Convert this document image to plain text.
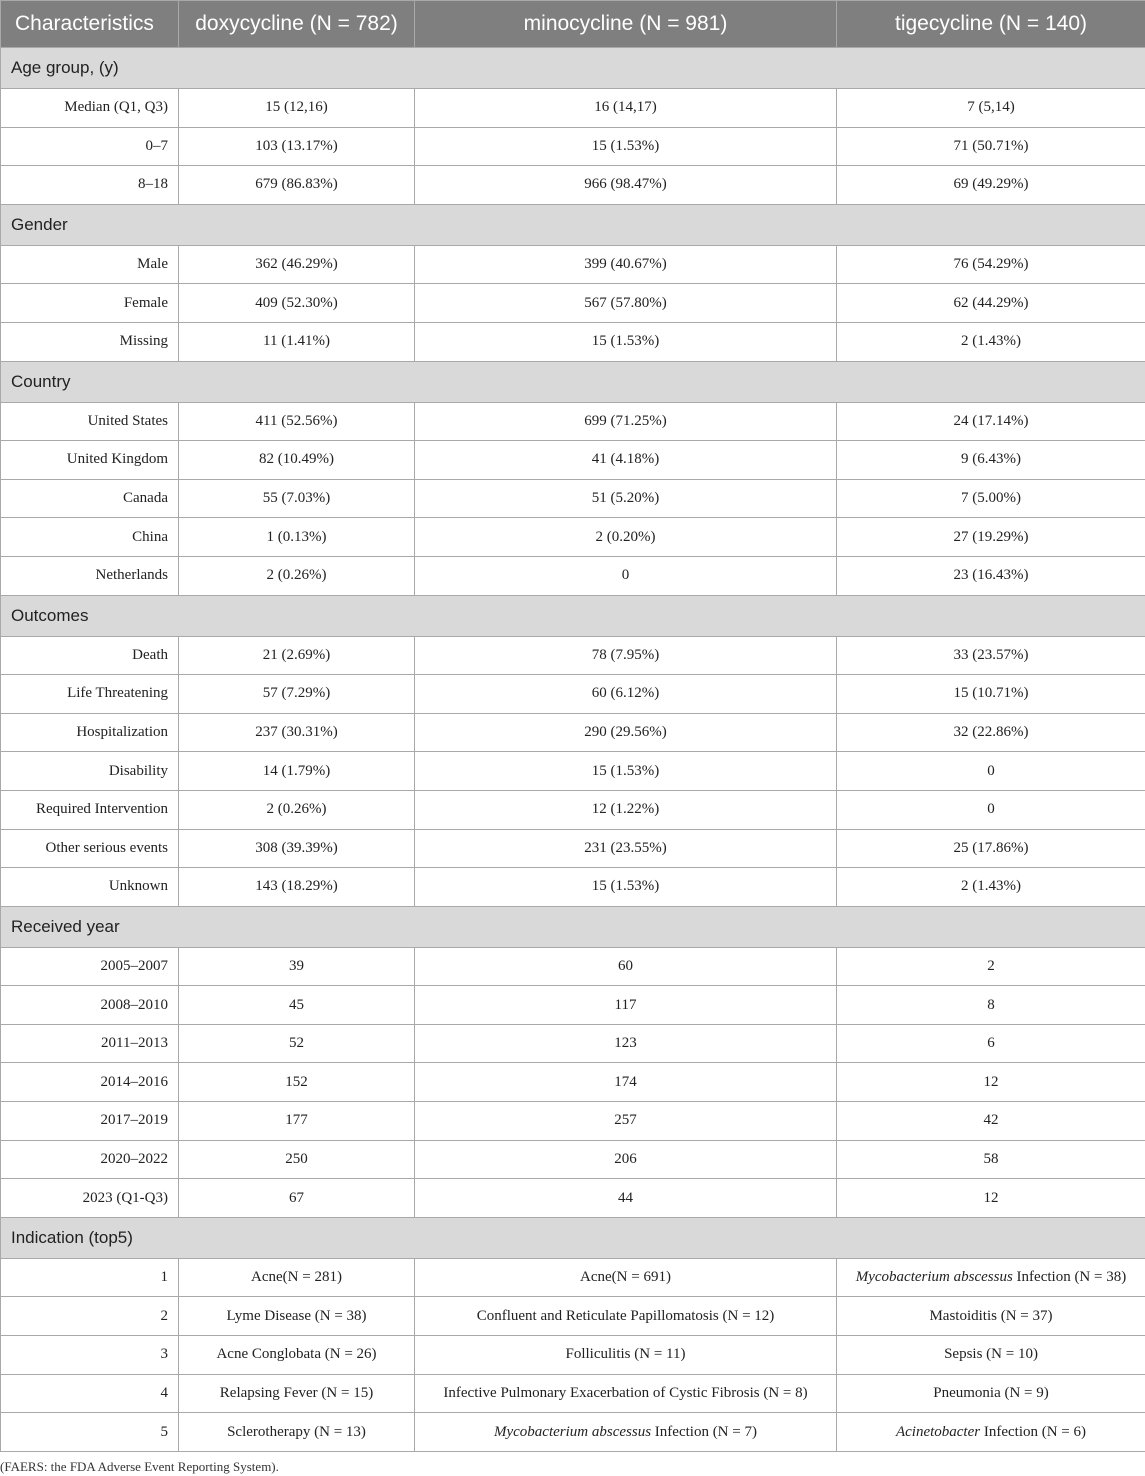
Characteristics	doxycycline (N = 782)	minocycline (N = 981)	tigecycline (N = 140)
Age group, (y)			
Median (Q1, Q3)	15 (12,16)	16 (14,17)	7 (5,14)
0–7	103 (13.17%)	15 (1.53%)	71 (50.71%)
8–18	679 (86.83%)	966 (98.47%)	69 (49.29%)
Gender			
Male	362 (46.29%)	399 (40.67%)	76 (54.29%)
Female	409 (52.30%)	567 (57.80%)	62 (44.29%)
Missing	11 (1.41%)	15 (1.53%)	2 (1.43%)
Country			
United States	411 (52.56%)	699 (71.25%)	24 (17.14%)
United Kingdom	82 (10.49%)	41 (4.18%)	9 (6.43%)
Canada	55 (7.03%)	51 (5.20%)	7 (5.00%)
China	1 (0.13%)	2 (0.20%)	27 (19.29%)
Netherlands	2 (0.26%)	0	23 (16.43%)
Outcomes			
Death	21 (2.69%)	78 (7.95%)	33 (23.57%)
Life Threatening	57 (7.29%)	60 (6.12%)	15 (10.71%)
Hospitalization	237 (30.31%)	290 (29.56%)	32 (22.86%)
Disability	14 (1.79%)	15 (1.53%)	0
Required Intervention	2 (0.26%)	12 (1.22%)	0
Other serious events	308 (39.39%)	231 (23.55%)	25 (17.86%)
Unknown	143 (18.29%)	15 (1.53%)	2 (1.43%)
Received year			
2005–2007	39	60	2
2008–2010	45	117	8
2011–2013	52	123	6
2014–2016	152	174	12
2017–2019	177	257	42
2020–2022	250	206	58
2023 (Q1-Q3)	67	44	12
Indication (top5)			
1	Acne(N = 281)	Acne(N = 691)	Mycobacterium abscessus Infection (N = 38)
2	Lyme Disease (N = 38)	Confluent and Reticulate Papillomatosis (N = 12)	Mastoiditis (N = 37)
3	Acne Conglobata (N = 26)	Folliculitis (N = 11)	Sepsis (N = 10)
4	Relapsing Fever (N = 15)	Infective Pulmonary Exacerbation of Cystic Fibrosis (N = 8)	Pneumonia (N = 9)
5	Sclerotherapy (N = 13)	Mycobacterium abscessus Infection (N = 7)	Acinetobacter Infection (N = 6)
(FAERS: the FDA Adverse Event Reporting System).
